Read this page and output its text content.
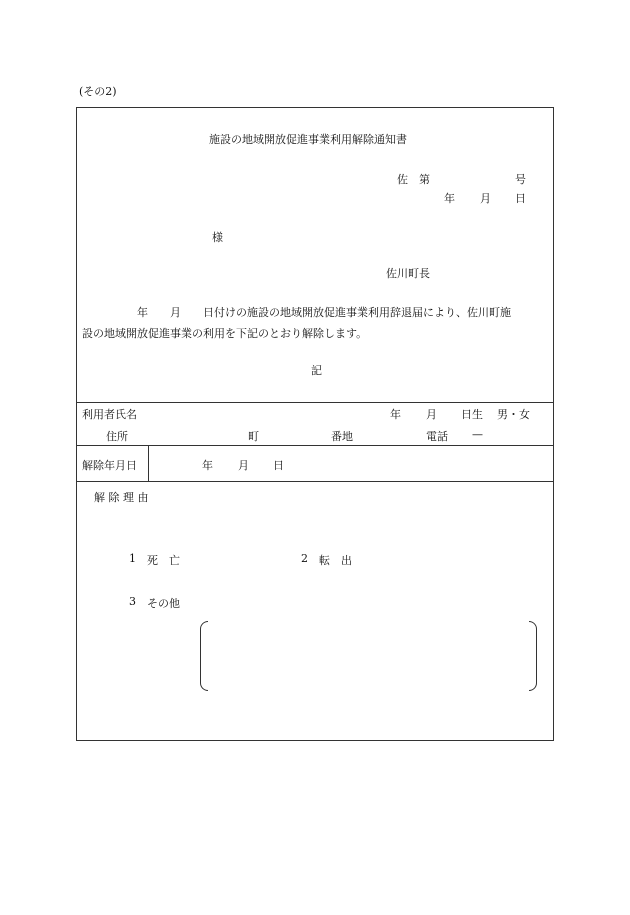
(その2)
施設の地域開放促進事業利用解除通知書
佐　第	号
年 月 日
様
佐川町長
　　　　　年　　月　　日付けの施設の地域開放促進事業利用辞退届により、佐川町施
設の地域開放促進事業の利用を下記のとおり解除します。
記
利用者氏名	年 月 日生 男・女
住所	町	番地	電話 —
解除年月日	年 月 日
解 除 理 由
1 死　亡	2 転　出
3 その他
